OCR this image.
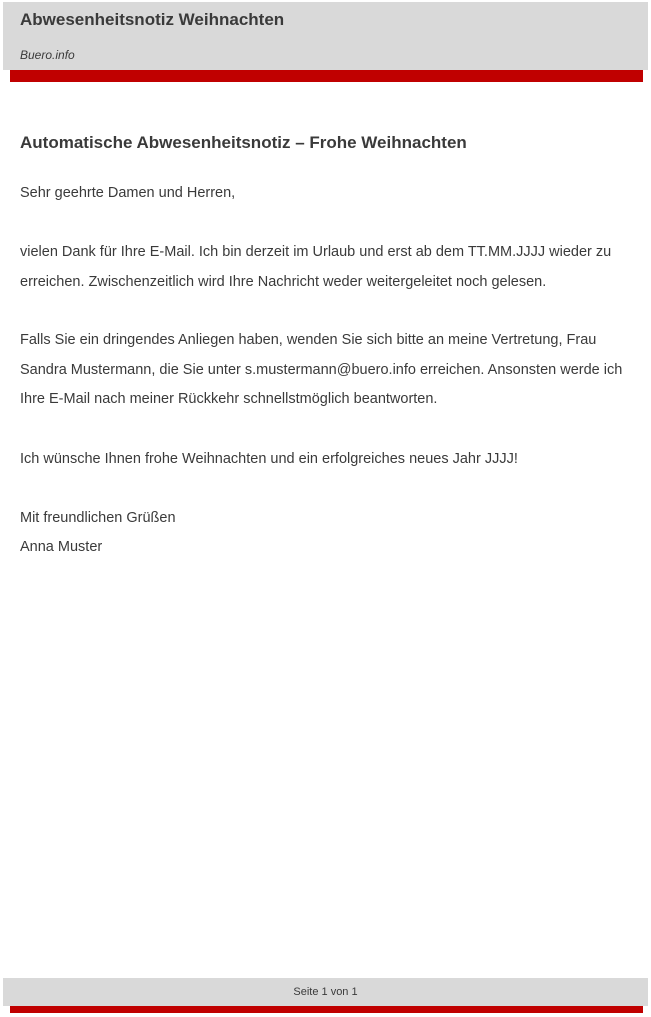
Abwesenheitsnotiz Weihnachten
Buero.info
Automatische Abwesenheitsnotiz – Frohe Weihnachten

Sehr geehrte Damen und Herren,

vielen Dank für Ihre E-Mail. Ich bin derzeit im Urlaub und erst ab dem TT.MM.JJJJ wieder zu erreichen. Zwischenzeitlich wird Ihre Nachricht weder weitergeleitet noch gelesen.

Falls Sie ein dringendes Anliegen haben, wenden Sie sich bitte an meine Vertretung, Frau Sandra Mustermann, die Sie unter s.mustermann@buero.info erreichen. Ansonsten werde ich Ihre E-Mail nach meiner Rückkehr schnellstmöglich beantworten.

Ich wünsche Ihnen frohe Weihnachten und ein erfolgreiches neues Jahr JJJJ!

Mit freundlichen Grüßen

Anna Muster

Seite 1 von 1
